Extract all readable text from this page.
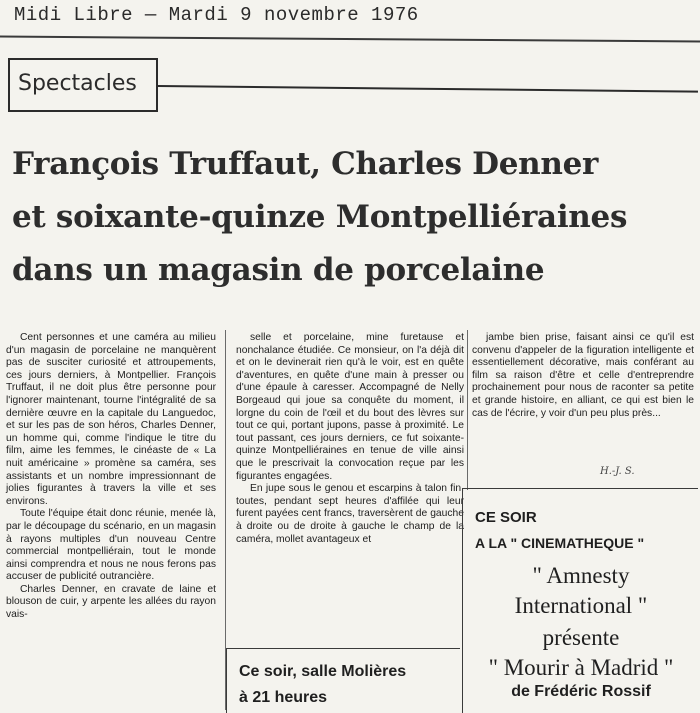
Midi Libre — Mardi 9 novembre 1976
Spectacles
François Truffaut, Charles Denner
et soixante-quinze Montpelliéraines
dans un magasin de porcelaine

Cent personnes et une caméra au milieu d'un magasin de porcelaine ne manquèrent pas de susciter curiosité et attroupements, ces jours derniers, à Montpellier. François Truffaut, il ne doit plus être personne pour l'ignorer maintenant, tourne l'intégralité de sa dernière œuvre en la capitale du Languedoc, et sur les pas de son héros, Charles Denner, un homme qui, comme l'indique le titre du film, aime les femmes, le cinéaste de « La nuit américaine » promène sa caméra, ses assistants et un nombre impressionnant de jolies figurantes à travers la ville et ses environs.

Toute l'équipe était donc réunie, menée là, par le découpage du scénario, en un magasin à rayons multiples d'un nouveau Centre commercial montpelliérain, tout le monde ainsi comprendra et nous ne nous ferons pas accuser de publicité outrancière.

Charles Denner, en cravate de laine et blouson de cuir, y arpente les allées du rayon vais-

selle et porcelaine, mine furetause et nonchalance étudiée. Ce monsieur, on l'a déjà dit et on le devinerait rien qu'à le voir, est en quête d'aventures, en quête d'une main à presser ou d'une épaule à caresser. Accompagné de Nelly Borgeaud qui joue sa conquête du moment, il lorgne du coin de l'œil et du bout des lèvres sur tout ce qui, portant jupons, passe à proximité. Le tout passant, ces jours derniers, ce fut soixante-quinze Montpelliéraines en tenue de ville ainsi que le prescrivait la convocation reçue par les figurantes engagées.

En jupe sous le genou et escarpins à talon fin, toutes, pendant sept heures d'affilée qui leur furent payées cent francs, traversèrent de gauche à droite ou de droite à gauche le champ de la caméra, mollet avantageux et

jambe bien prise, faisant ainsi ce qu'il est convenu d'appeler de la figuration intelligente et essentiellement décorative, mais conférant au film sa raison d'être et celle d'entreprendre prochainement pour nous de raconter sa petite et grande histoire, en alliant, ce qui est bien le cas de l'écrire, y voir d'un peu plus près...

H.-J. S.
CE SOIR
A LA " CINEMATHEQUE "
" Amnesty
International "
présente
" Mourir à Madrid "
de Frédéric Rossif
Ce soir, salle Molières
à 21 heures
